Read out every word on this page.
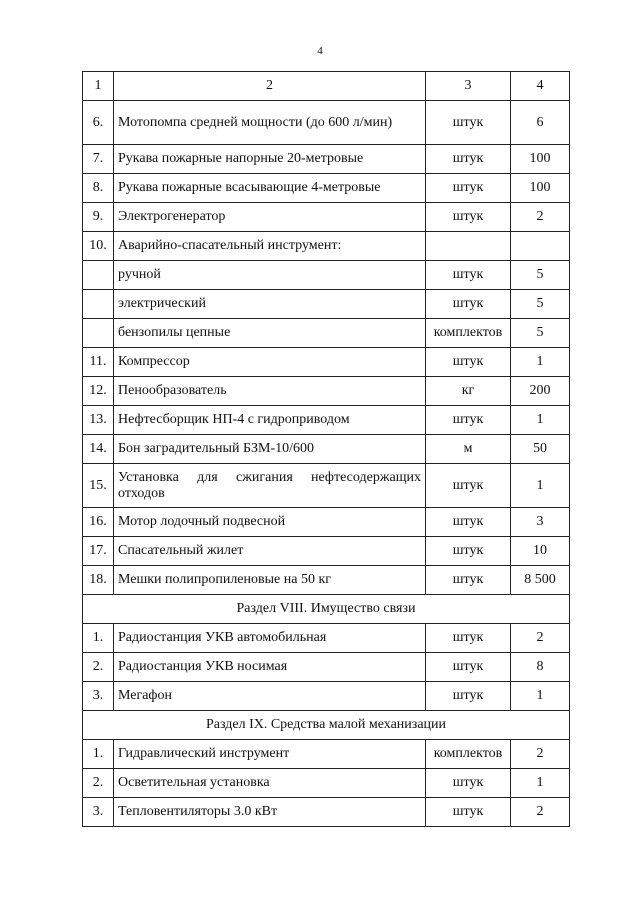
4
1	2	3	4
6.	Мотопомпа средней мощности (до 600 л/мин)	штук	6
7.	Рукава пожарные напорные 20-метровые	штук	100
8.	Рукава пожарные всасывающие 4-метровые	штук	100
9.	Электрогенератор	штук	2
10.	Аварийно-спасательный инструмент:		
	ручной	штук	5
	электрический	штук	5
	бензопилы цепные	комплектов	5
11.	Компрессор	штук	1
12.	Пенообразователь	кг	200
13.	Нефтесборщик НП-4 с гидроприводом	штук	1
14.	Бон заградительный БЗМ-10/600	м	50
15.	Установка для сжигания нефтесодержащих отходов	штук	1
16.	Мотор лодочный подвесной	штук	3
17.	Спасательный жилет	штук	10
18.	Мешки полипропиленовые на 50 кг	штук	8 500
Раздел VIII. Имущество связи			
1.	Радиостанция УКВ автомобильная	штук	2
2.	Радиостанция УКВ носимая	штук	8
3.	Мегафон	штук	1
Раздел IX. Средства малой механизации			
1.	Гидравлический инструмент	комплектов	2
2.	Осветительная установка	штук	1
3.	Тепловентиляторы 3.0 кВт	штук	2
